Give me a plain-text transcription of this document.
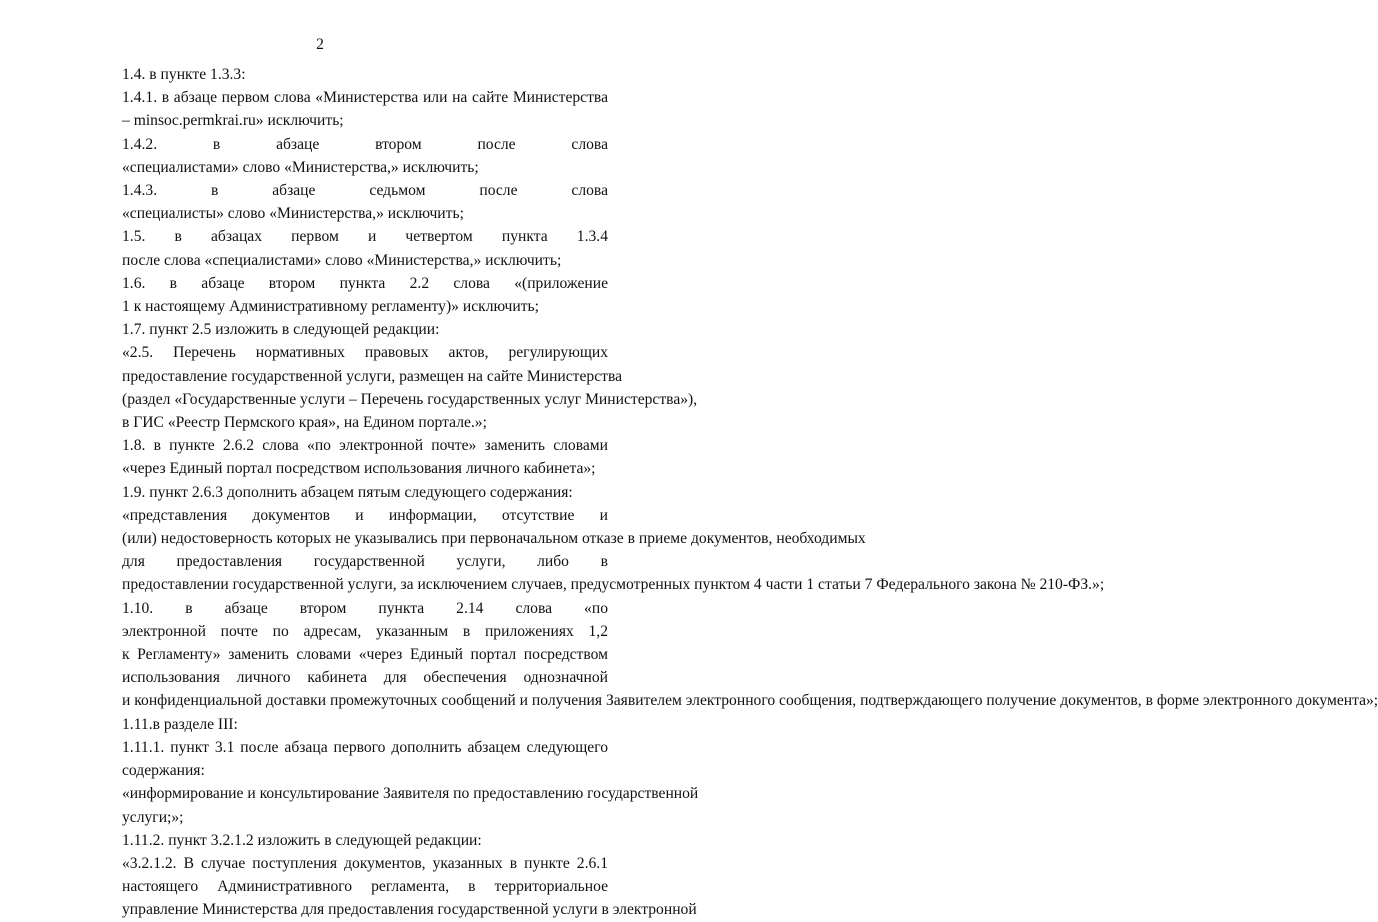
2
1.4. в пункте 1.3.3:
1.4.1. в абзаце первом слова «Министерства или на сайте Министерства
– minsoc.permkrai.ru» исключить;
1.4.2. в абзаце втором после слова
«специалистами» слово «Министерства,» исключить;
1.4.3. в абзаце седьмом после слова
«специалисты» слово «Министерства,» исключить;
1.5. в абзацах первом и четвертом пункта 1.3.4
после слова «специалистами» слово «Министерства,» исключить;
1.6. в абзаце втором пункта 2.2 слова «(приложение
1 к настоящему Административному регламенту)» исключить;
1.7. пункт 2.5 изложить в следующей редакции:
«2.5. Перечень нормативных правовых актов, регулирующих
предоставление государственной услуги, размещен на сайте Министерства
(раздел «Государственные услуги – Перечень государственных услуг Министерства»),
в ГИС «Реестр Пермского края», на Едином портале.»;
1.8. в пункте 2.6.2 слова «по электронной почте» заменить словами
«через Единый портал посредством использования личного кабинета»;
1.9. пункт 2.6.3 дополнить абзацем пятым следующего содержания:
«представления документов и информации, отсутствие и
(или) недостоверность которых не указывались при первоначальном отказе в приеме документов, необходимых
для предоставления государственной услуги, либо в
предоставлении государственной услуги, за исключением случаев, предусмотренных пунктом 4 части 1 статьи 7 Федерального закона № 210-ФЗ.»;
1.10. в абзаце втором пункта 2.14 слова «по
электронной почте по адресам, указанным в приложениях 1,2
к Регламенту» заменить словами «через Единый портал посредством
использования личного кабинета для обеспечения однозначной
и конфиденциальной доставки промежуточных сообщений и получения Заявителем электронного сообщения, подтверждающего получение документов, в форме электронного документа»;
1.11.в разделе III:
1.11.1. пункт 3.1 после абзаца первого дополнить абзацем следующего
содержания:
«информирование и консультирование Заявителя по предоставлению государственной
услуги;»;
1.11.2. пункт 3.2.1.2 изложить в следующей редакции:
«3.2.1.2. В случае поступления документов, указанных в пункте 2.6.1
настоящего Административного регламента, в территориальное
управление Министерства для предоставления государственной услуги в электронной
